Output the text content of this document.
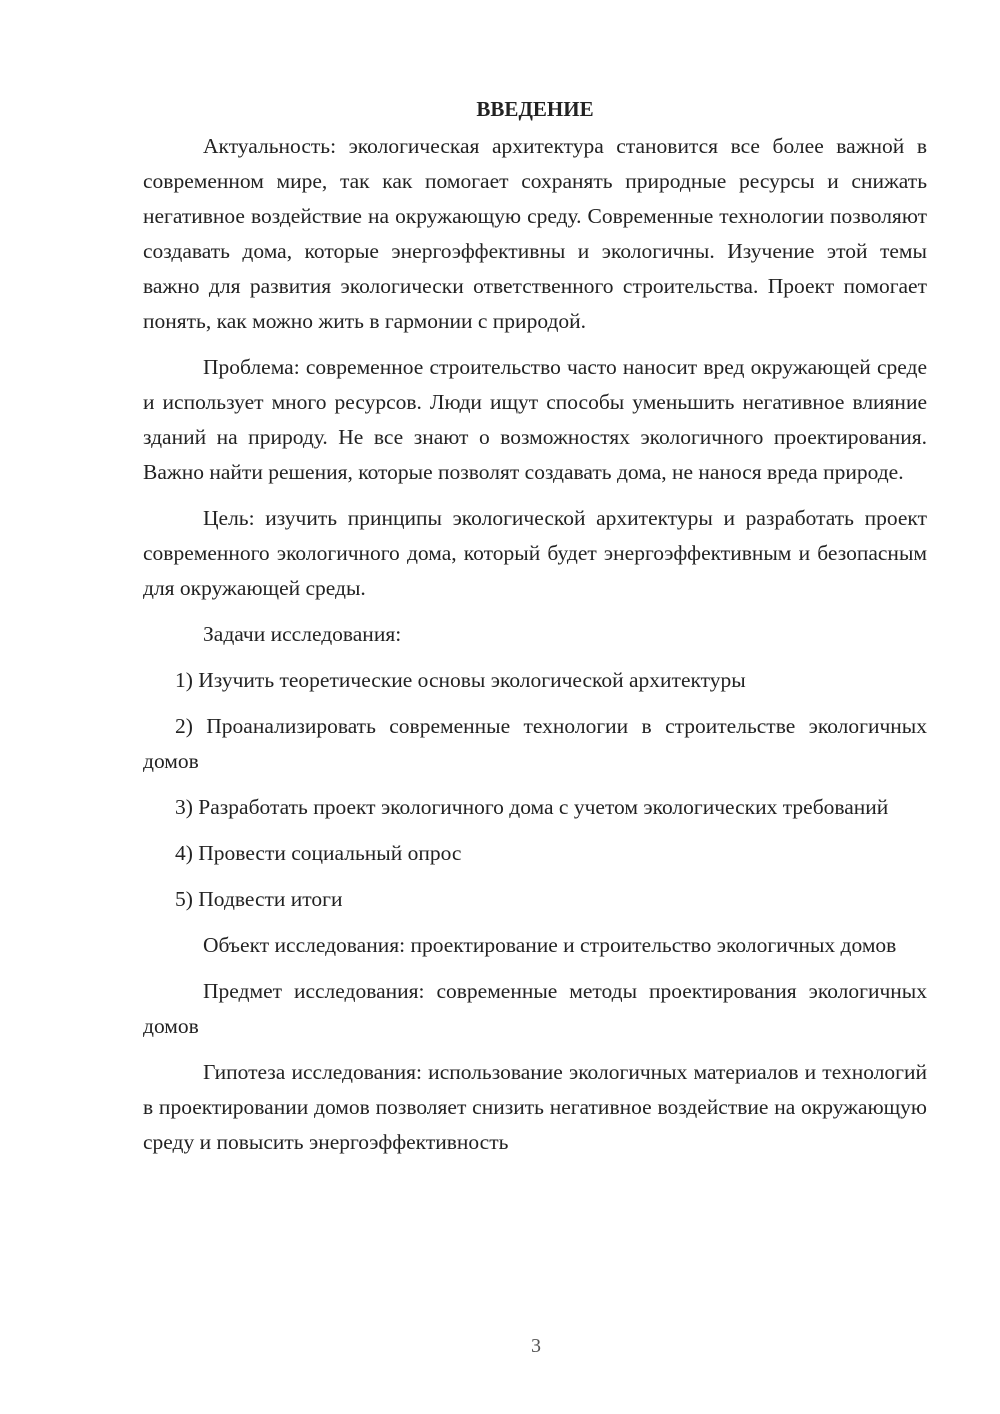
ВВЕДЕНИЕ

Актуальность: экологическая архитектура становится все более важной в современном мире, так как помогает сохранять природные ресурсы и снижать негативное воздействие на окружающую среду. Современные технологии позволяют создавать дома, которые энергоэффективны и экологичны. Изучение этой темы важно для развития экологически ответственного строительства. Проект помогает понять, как можно жить в гармонии с природой.

Проблема: современное строительство часто наносит вред окружающей среде и использует много ресурсов. Люди ищут способы уменьшить негативное влияние зданий на природу. Не все знают о возможностях экологичного проектирования. Важно найти решения, которые позволят создавать дома, не нанося вреда природе.

Цель: изучить принципы экологической архитектуры и разработать проект современного экологичного дома, который будет энергоэффективным и безопасным для окружающей среды.

Задачи исследования:

1) Изучить теоретические основы экологической архитектуры

2) Проанализировать современные технологии в строительстве экологичных домов

3) Разработать проект экологичного дома с учетом экологических требований

4) Провести социальный опрос

5) Подвести итоги

Объект исследования: проектирование и строительство экологичных домов

Предмет исследования: современные методы проектирования экологичных домов

Гипотеза исследования: использование экологичных материалов и технологий в проектировании домов позволяет снизить негативное воздействие на окружающую среду и повысить энергоэффективность

3
